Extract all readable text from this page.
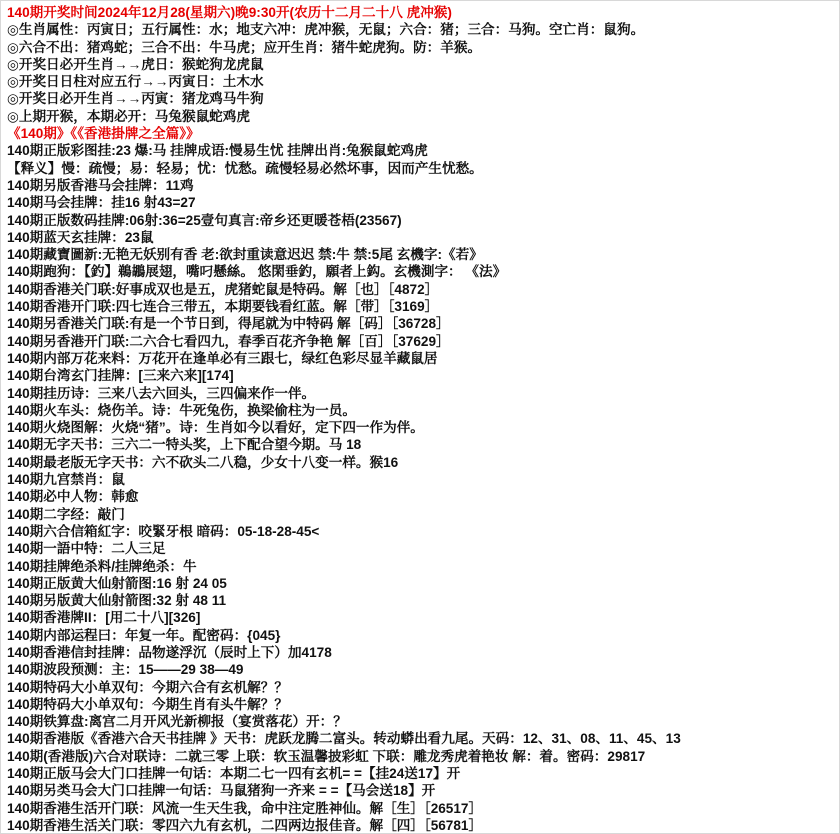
140期开奖时间2024年12月28(星期六)晚9:30开(农历十二月二十八 虎冲猴)
◎生肖属性：丙寅日；五行属性：水；地支六冲：虎冲猴，无鼠；六合：猪；三合：马狗。空亡肖：鼠狗。
◎六合不出：猪鸡蛇；三合不出：牛马虎；应开生肖：猪牛蛇虎狗。防：羊猴。
◎开奖日必开生肖→→虎日：猴蛇狗龙虎鼠
◎开奖日日柱对应五行→→丙寅日：土木水
◎开奖日必开生肖→→丙寅：猪龙鸡马牛狗
◎上期开猴，本期必开：马兔猴鼠蛇鸡虎
《140期》《《香港掛牌之全篇》》
140期正版彩图挂:23 爆:马 挂牌成语:慢易生忧 挂牌出肖:兔猴鼠蛇鸡虎
【释义】慢：疏慢；易：轻易；忧：忧愁。疏慢轻易必然坏事，因而产生忧愁。
140期另版香港马会挂牌：11鸡
140期马会挂牌：挂16 射43=27
140期正版数码挂牌:06射:36=25壹句真言:帝乡还更暖苍梧(23567)
140期蓝天玄挂牌：23鼠
140期藏寶圖新:无艳无妖别有香 老:欲封重读意迟迟 禁:牛 禁:5尾 玄機字:《若》
140期跑狗：【釣】鵜鶘展翅，嘴叼懸絲。 悠閑垂釣，願者上鈎。玄機測字： 《法》
140期香港关门联:好事成双也是五，虎猪蛇鼠是特码。解［也］［4872］
140期香港开门联:四七连合三带五，本期要钱看红蓝。解［带］［3169］
140期另香港关门联:有是一个节日到，得尾就为中特码 解［码］［36728］
140期另香港开门联:二六合七看四九，春季百花齐争艳 解［百］［37629］
140期内部万花来料：万花开在逢单必有三跟七，绿红色彩尽显羊藏鼠居
140期台湾玄门挂牌：[三来六来][174]
140期挂历诗：三来八去六回头，三四偏来作一伴。
140期火车头：烧伤羊。诗：牛死兔伤，换梁偷柱为一员。
140期火烧图解：火烧“猪”。诗：生肖如今以看好，定下四一作为伴。
140期无字天书：三六二一特头奖，上下配合望今期。马 18
140期最老版无字天书：六不砍头二八稳，少女十八变一样。猴16
140期九宫禁肖：鼠
140期必中人物：韩愈
140期二字经：敲门
140期六合信箱紅字：咬緊牙根 暗码：05-18-28-45<
140期一語中特：二人三足
140期挂牌绝杀料/挂牌绝杀：牛
140期正版黄大仙射箭图:16 射 24 05
140期另版黄大仙射箭图:32 射 48 11
140期香港牌II：[用二十八][326]
140期内部运程曰：年复一年。配密码：{045}
140期香港信封挂牌：品物遂浮沉（辰时上下）加4178
140期波段预测：主：15——29 38—49
140期特码大小单双句：今期六合有玄机解？？
140期特码大小单双句：今期生肖有头牛解？？
140期铁算盘:离宫二月开风光新柳报（宴赏落花）开：？
140期香港版《香港六合天书挂牌 》天书：虎跃龙腾二富头。转动蟒出看九尾。天码：12、31、08、11、45、13
140期(香港版)六合对联诗：二就三零 上联：软玉温馨披彩虹 下联：雕龙秀虎着艳妆 解：着。密码：29817
140期正版马会大门口挂牌一句话：本期二七一四有玄机= =【挂24送17】开
140期另类马会大门口挂牌一句话：马鼠猪狗一齐来 = =【马会送18】开
140期香港生活开门联：风流一生天生我，命中注定胜神仙。解［生］［26517］
140期香港生活关门联：零四六九有玄机，二四两边报佳音。解［四］［56781］
